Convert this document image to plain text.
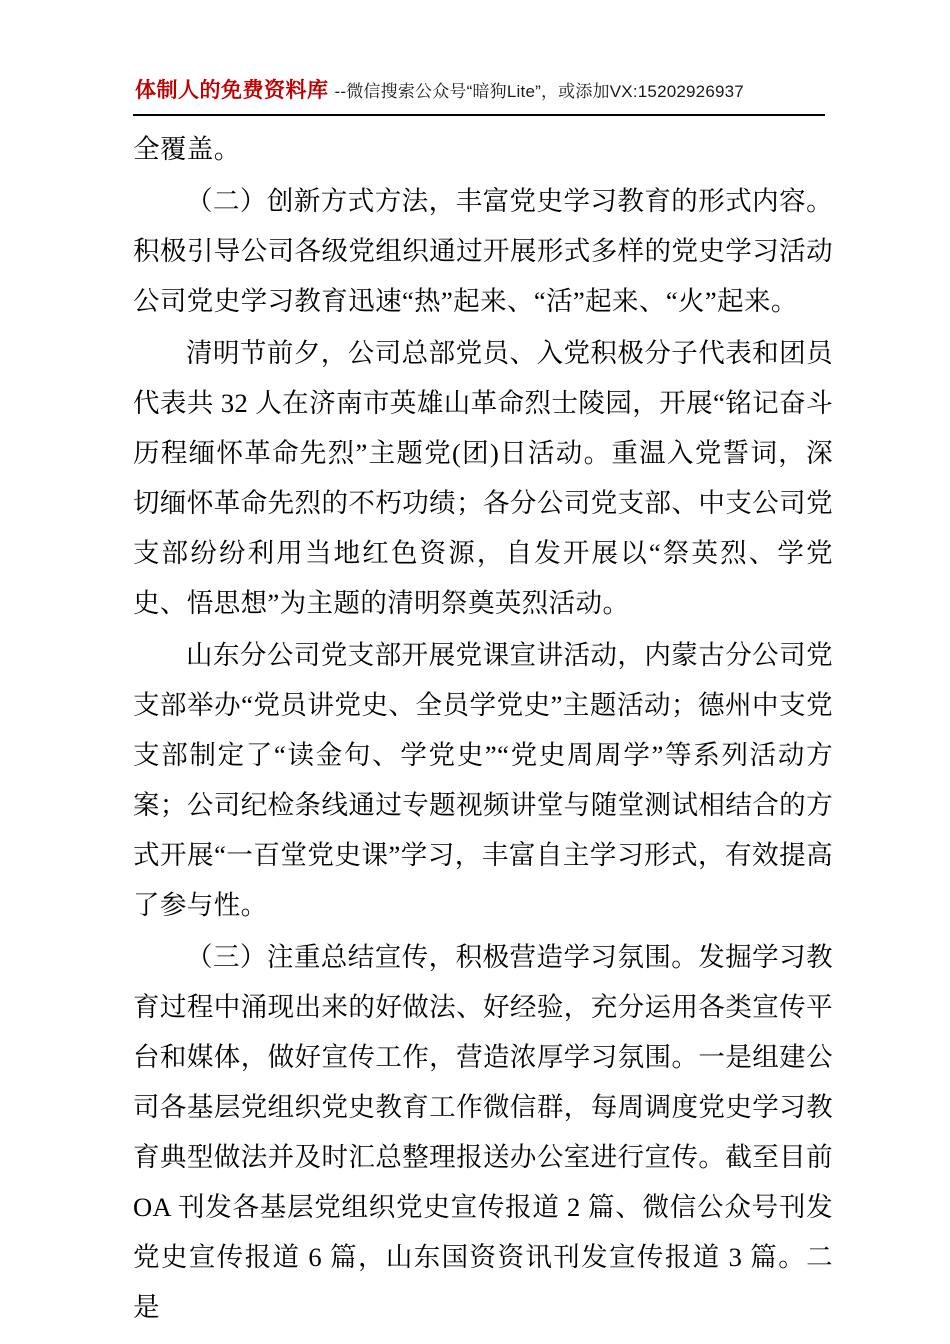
体制人的免费资料库 --微信搜索公众号“暗狗Lite”，或添加VX:15202926937

全覆盖。

（二）创新方式方法，丰富党史学习教育的形式内容。积极引导公司各级党组织通过开展形式多样的党史学习活动公司党史学习教育迅速“热”起来、“活”起来、“火”起来。

清明节前夕，公司总部党员、入党积极分子代表和团员代表共 32 人在济南市英雄山革命烈士陵园，开展“铭记奋斗历程缅怀革命先烈”主题党(团)日活动。重温入党誓词，深切缅怀革命先烈的不朽功绩；各分公司党支部、中支公司党支部纷纷利用当地红色资源，自发开展以“祭英烈、学党史、悟思想”为主题的清明祭奠英烈活动。

山东分公司党支部开展党课宣讲活动，内蒙古分公司党支部举办“党员讲党史、全员学党史”主题活动；德州中支党支部制定了“读金句、学党史”“党史周周学”等系列活动方案；公司纪检条线通过专题视频讲堂与随堂测试相结合的方式开展“一百堂党史课”学习，丰富自主学习形式，有效提高了参与性。

（三）注重总结宣传，积极营造学习氛围。发掘学习教育过程中涌现出来的好做法、好经验，充分运用各类宣传平台和媒体，做好宣传工作，营造浓厚学习氛围。一是组建公司各基层党组织党史教育工作微信群，每周调度党史学习教育典型做法并及时汇总整理报送办公室进行宣传。截至目前OA 刊发各基层党组织党史宣传报道 2 篇、微信公众号刊发党史宣传报道 6 篇，山东国资资讯刊发宣传报道 3 篇。二是
